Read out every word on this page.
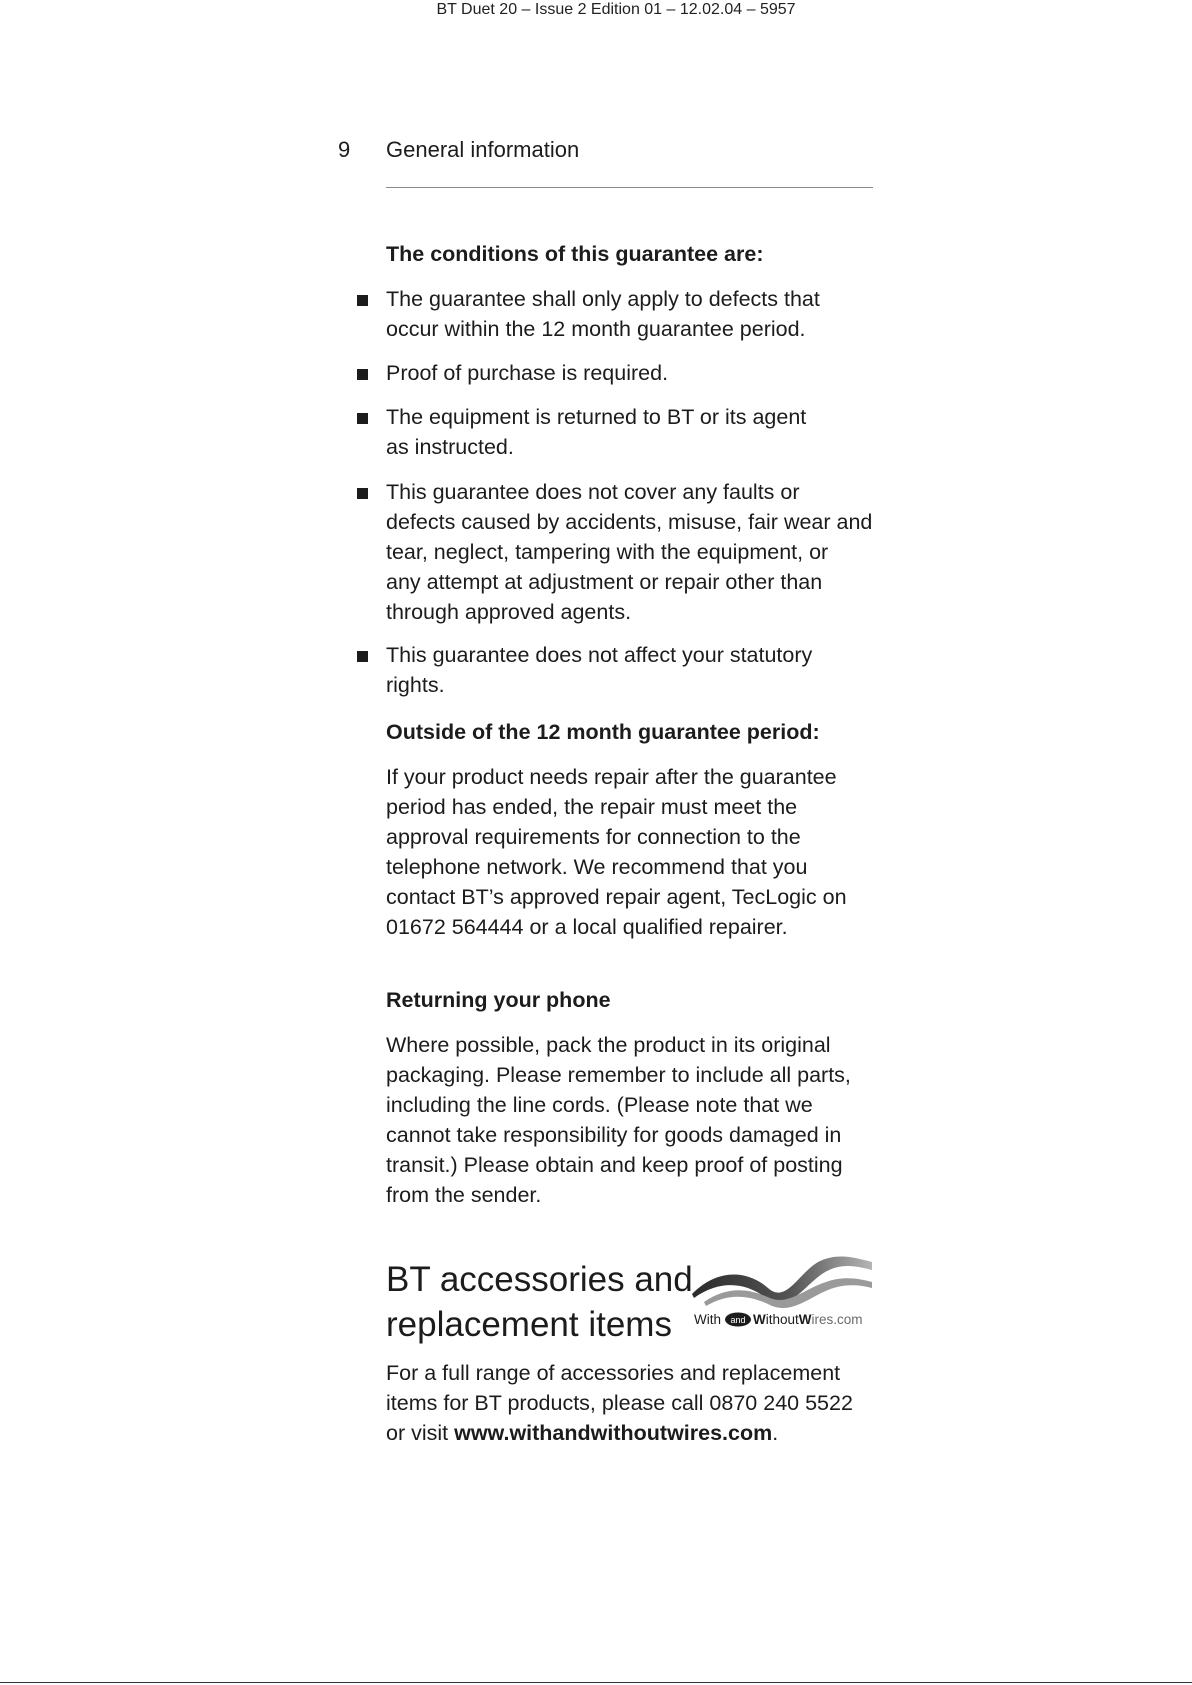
BT Duet 20 – Issue 2 Edition 01 – 12.02.04 – 5957
9 General information
The conditions of this guarantee are:
The guarantee shall only apply to defects that
occur within the 12 month guarantee period.
Proof of purchase is required.
The equipment is returned to BT or its agent
as instructed.
This guarantee does not cover any faults or
defects caused by accidents, misuse, fair wear and
tear, neglect, tampering with the equipment, or
any attempt at adjustment or repair other than
through approved agents.
This guarantee does not affect your statutory rights.
Outside of the 12 month guarantee period:
If your product needs repair after the guarantee
period has ended, the repair must meet the
approval requirements for connection to the
telephone network. We recommend that you
contact BT’s approved repair agent, TecLogic on
01672 564444 or a local qualified repairer.
Returning your phone
Where possible, pack the product in its original
packaging. Please remember to include all parts,
including the line cords. (Please note that we
cannot take responsibility for goods damaged in
transit.) Please obtain and keep proof of posting
from the sender.
BT accessories and
replacement items	With and WithoutWires.com
For a full range of accessories and replacement
items for BT products, please call 0870 240 5522
or visit www.withandwithoutwires.com.
